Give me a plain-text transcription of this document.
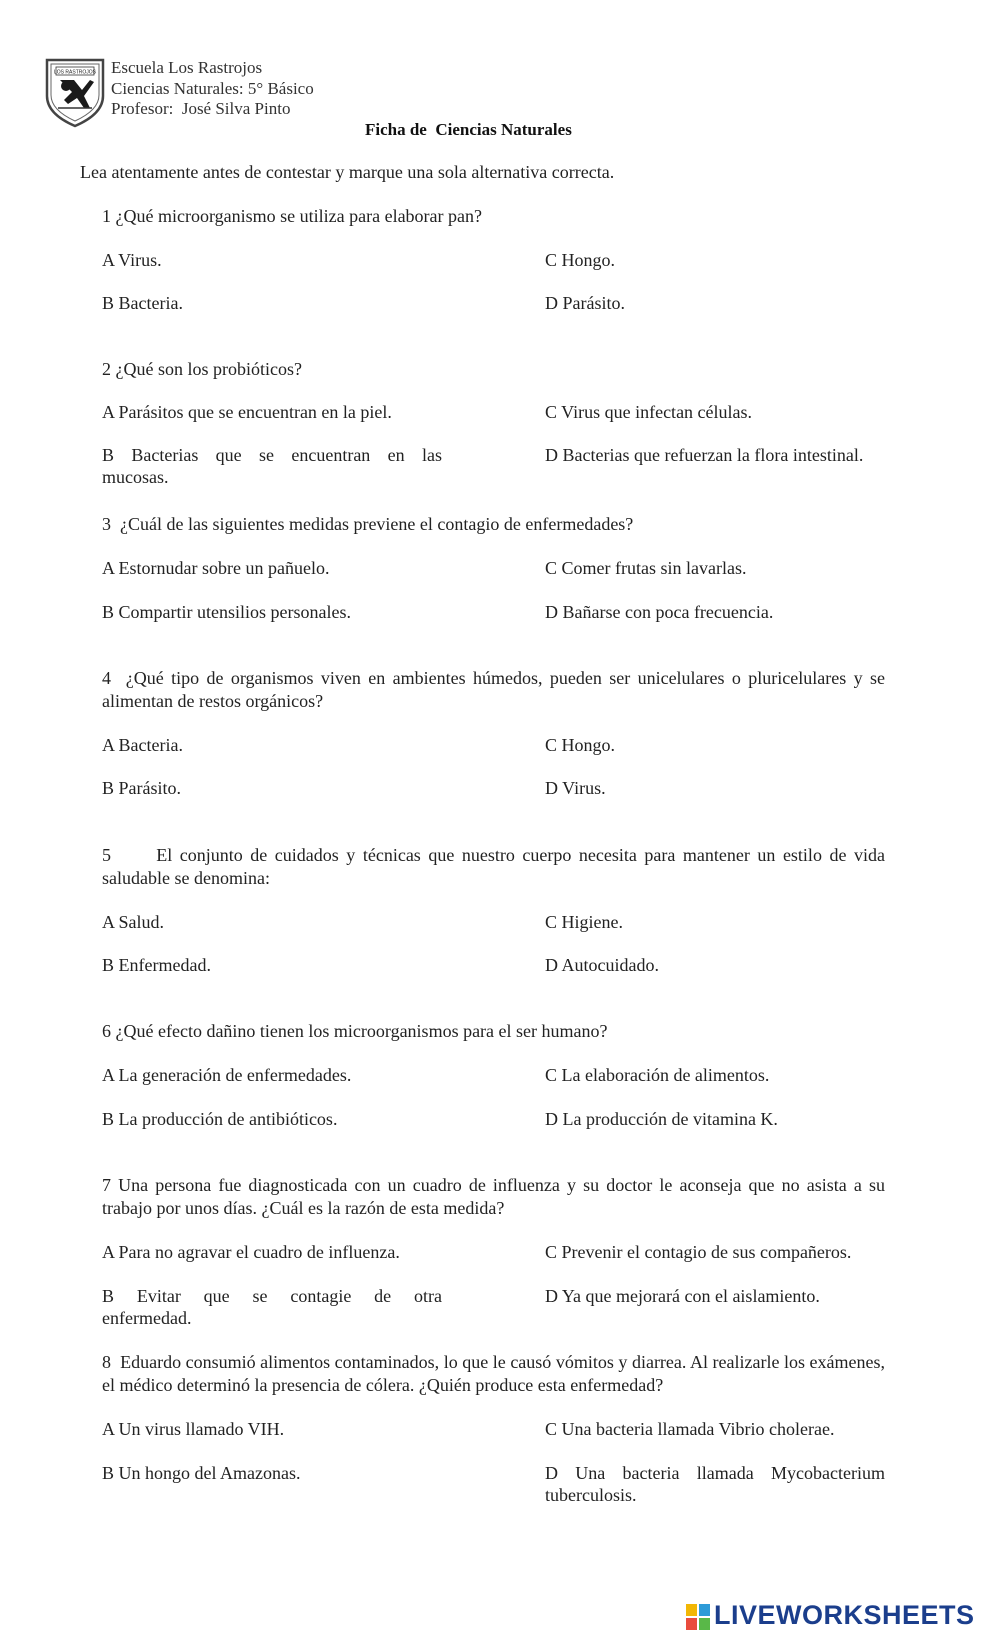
LOS RASTROJOS Escuela Los Rastrojos
Ciencias Naturales: 5° Básico
Profesor:  José Silva Pinto
Ficha de  Ciencias Naturales
Lea atentamente antes de contestar y marque una sola alternativa correcta.
1 ¿Qué microorganismo se utiliza para elaborar pan?
A Virus.
B Bacteria.
C Hongo.
D Parásito.
2 ¿Qué son los probióticos?
A Parásitos que se encuentran en la piel.
B  Bacterias  que  se  encuentran  en  las
mucosas.
C Virus que infectan células.
D Bacterias que refuerzan la flora intestinal.
3  ¿Cuál de las siguientes medidas previene el contagio de enfermedades?
A Estornudar sobre un pañuelo.
B Compartir utensilios personales.
C Comer frutas sin lavarlas.
D Bañarse con poca frecuencia.
4  ¿Qué tipo de organismos viven en ambientes húmedos, pueden ser unicelulares o pluricelulares y se alimentan de restos orgánicos?
A Bacteria.
B Parásito.
C Hongo.
D Virus.
5      El conjunto de cuidados y técnicas que nuestro cuerpo necesita para mantener un estilo de vida saludable se denomina:
A Salud.
B Enfermedad.
C Higiene.
D Autocuidado.
6 ¿Qué efecto dañino tienen los microorganismos para el ser humano?
A La generación de enfermedades.
B La producción de antibióticos.
C La elaboración de alimentos.
D La producción de vitamina K.
7 Una persona fue diagnosticada con un cuadro de influenza y su doctor le aconseja que no asista a su trabajo por unos días. ¿Cuál es la razón de esta medida?
A Para no agravar el cuadro de influenza.
B   Evitar   que   se   contagie   de   otra
enfermedad.
C Prevenir el contagio de sus compañeros.
D Ya que mejorará con el aislamiento.
8  Eduardo consumió alimentos contaminados, lo que le causó vómitos y diarrea. Al realizarle los exámenes, el médico determinó la presencia de cólera. ¿Quién produce esta enfermedad?
A Un virus llamado VIH.
B Un hongo del Amazonas.
C Una bacteria llamada Vibrio cholerae.
D  Una  bacteria  llamada  Mycobacterium
tuberculosis.
LIVEWORKSHEETS
